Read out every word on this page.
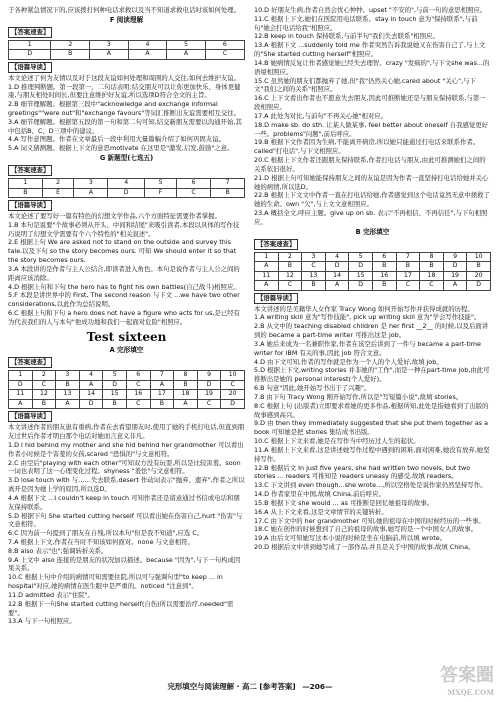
于各种紧急情况下的,应该拨打何种电话求救以及当不知道求救电话时该如何处理。

F 阅读理解
【答案速查】
1	2	3	4	5	6
D	B	A	A	A	C
【语篇导读】

本文论述了何为友情以及对于这段友谊如何处理和周围的人交往,如何去维护友谊。

1.D 推理判断题。第一段第一、二句话表明:结交朋友可以让你更加快乐、身体更健康,与朋友相处时间长,但要注意维护好友谊,所以选项D符合全文的主旨。

2.B 细节理解题。根据第三段中"acknowledge and exchange informal greetings""were out"和"exchange favours"等词汇推断出友谊需要相互交往。

3.A 细节理解题。根据第五段的第一句和第二句可知,结交新朋友需要以沟通开始,其中包括B、C、D三项中的建议。

4.A 写作意图题。作者在文章最后一段中利用大量篇幅介绍了如何巩固友谊。

5.A 词义猜测题。根据上下文的意思motivate 在这里是"激发,启发,鼓励"之意。

G 新题型(七选五)
【答案速查】
1	2	3	4	5	6	7
B	E	A	D	F	C	B
【语篇导读】

本文论述了要写好一篇有特色的幻想文学作品,六个方面特征需要作者掌握。

1.B 本句是说要"个故事必须从开头、中间和结尾"来吸引读者,本段以具体的写作技巧说明了幻想文学需要有个六个特性的"相关叙述"。

2.E 根据上句 We are asked not to stand on the outside and survey this tale.以及下句 so the story becomes ours. 可知 We should enter it so that the story becomes ours.

3.A 本段讲的是作者与主人公结合,即读者进入角色。本句是说作者与主人公之间的距离应该消除。

4.D 根据上句和下句 the hero has to fight his own battles(自己战斗)相照应。

5.F 本段是讲世界中的 First, The second reason 与下文 ...we have two other considerations,以此作为总结说明。

6.C 根据上句和下句 a hero does not have a figure who acts for us,是已经有为代表我们的人与本句"他成功地和我们一起面对危险"相照应。

Test sixteen
A 完形填空
【答案速查】
1	2	3	4	5	6	7	8	9	10
D	C	B	A	D	C	A	B	D	C
11	12	13	14	15	16	17	18	19	20
A	B	A	D	B	C	B	A	C	D
【语篇导读】

本文讲述作者的朋友患有重病,作者在去看望朋友时,使用了她的手机打电话,但直到朋友过世后作者才明白那个电话对她而言意义非凡。

1.D I hid behind my mother and she hid behind her grandmother 可以看出作者小时候是个害羞的女孩,scared "恐惧的"与文意相符。

2.C 由空后"playing with each other"可知双方没有玩耍,所以是比较害羞。soon 一词也表明了这一心理变化过程。shyness "羞怯"与文意相符。

3.D lose touch with 与……失去联系,desert 作动词表示"抛弃、遗弃",作者之所以离开是因为她上学的原因,所以选D。

4.A 根据下文 ...I couldn't keep in touch 可知作者还是留意通过书信或电话和朋友保持联系。

5.D 根据下句 She started cutting herself 可以看出她在伤害自己,hurt "伤害"与文意相符。

6.C 因为前一句提到了朋友在自残,所以本句"但是我不知道",应选 C。

7.A 根据上下文,作者在当时不知该如何面对。none 与文意相符。

8.B also 表示"也";强调转折关系。

9.A 上文中 also 连接的是朋友的状况加以描述。because "因为",与下一句构成因果关系。

10.C 根据上句中介绍的病情可知需要住院,所以可与强调句型"to keep ... in hospital"对应,她的病情在医生眼中是严重的。noticed "注意到"。

11.D admitted 表示"住院"。

12.B 根据下一句She started cutting herself(自伤)所以需要治疗,needed"需要"。

13.A 与下一句相照应。

10.D 好朋友生病,作者自然会忧心忡忡。upset "不安的",与前一句的意思相照应。

11.C 根据上下文,她们在医院用电话联系。stay in touch 意为"保持联系",与前句"她会打电话给我"相照应。

12.B keep in touch 保持联系,与前半句"我们失去联系"相照应。

13.A 根据下文 ...suddenly told me 作者突然告诉我说她又在伤害自己了,与上文的"She started cutting herself"相照应。

14.B 她病情反复让作者感觉她已经失去理智。crazy "发疯的",与下文she was...的语境相照应。

15.C 虽然她的朋友们都抛弃了她,但"我"仍然关心她,cared about "关心",与下文"我们之间的关系"相照应。

16.C 上下文看出作者也不愿意失去朋友,因此可推断她还是与朋友保持联系,与第一段相照应。

17.A 此处为对比,与前句"不再关心她"相对应。

18.D make sb. do sth. 让某人做某事, feel better about oneself 自我感觉更好一些。problems"问题",前后呼应。

19.B 根据下文作者因为生病,不能离开病房,所以她只能通过打电话来联系作者。called"打电话",与下文相照应。

20.C 根据上下文作者还跟朋友保持联系,作者打电话与朋友,由此可推测她们之间的关系依旧很好。

21.D 根据上句可知她能保持朋友之间的友谊是因为作者一直坚持打电话给她并关心她的病情,所以选D。

22.B 根据上下文文中作者一直在打电话给她,作者感觉到这个电话竟然无意中拯救了她的生命。own "欠",与上文文意相照应。

23.A 概括全文,呼应主题。give up on sb. 表示"不再相信、不再信任",与下句相照应。

B 完形填空
【答案速查】
1	2	3	4	5	6	7	8	9	10
A	B	C	D	D	B	B	B	D	B
11	12	13	14	15	16	17	18	19	20
A	C	B	A	D	B	C	C	A	D
【语篇导读】

本文讲述的是美籍华人女作家 Tracy Wong 如何开始写作并获得成就的历程。

1.A writing skill 意为"写作技能", pick up writing skill 意为"学会写作技能"。

2.B 从文中的 teaching disabled children 是 her first __2__ 的时候,以及后面讲到的 became a part-time writer 可推出这是 job。

3.A 她后来成为一名兼职作家,作者在该空后讲到了一件与 became a part-time writer for IBM 有关的事,因此 job 符合文意。

4.D 由下文可知,作者的写作就是作为一个人的个人爱好,故填 job。

5.D 根据上下文,writing stories 并非她的"工作",而是一种在part-time job,由此可推断出是她的 personal interest(个人爱好)。

6.B 句意"因此,她开始写书出于了兴趣"。

7.B 由下句 Tracy Wong 刚开始写作,所以是"写短篇小说",故填 stories。

8.C 根据上句 (出版者)立即要求看她的更多作品,根据所知,此处是指她看到了出版的故事感到高兴。

9.D 由 then they immediately suggested that she put them together as a book 可知她是把 stories 集结成书出版。

10.C 根据上下文来看,她是在写作当中经历过人生的起伏。

11.A 根据上下文来看,这是讲述她写作过程中遇到的困难,面对困难,她没有放弃,她坚持写作。

12.B 根据后文 In just five years, she had written two novels, but two stories ... readers 可推知是 readers uneasy 的感受,故填 readers。

13.C 下文讲到 even though...she wrote...,所以空格处是说作家仍然坚持写作。

14.D 作者家里在中国,故填 China,前后呼应。

15.B 根据下文 she would ... as 可推断是回忆她祖母的故事。

16.A 从上下文来看,这是文章情节的关键转折。

17.C 由下文中的 her grandmother 可知,她的祖母在中国的时候经历的一些事。

18.C 她在创作的时候想到了自己的祖母的故事,她写的是一个中国女人的故事。

19.A 由后文可知她写这本小说的时候是坐在电脑前,所以填 wrote。

20.D 根据后文中讲到她写成了一部作品,并且是关于中国的故事,故填 China。

完形填空与阅读理解 · 高二 [参考答案] —206—
答案圈
MXQE.COM
